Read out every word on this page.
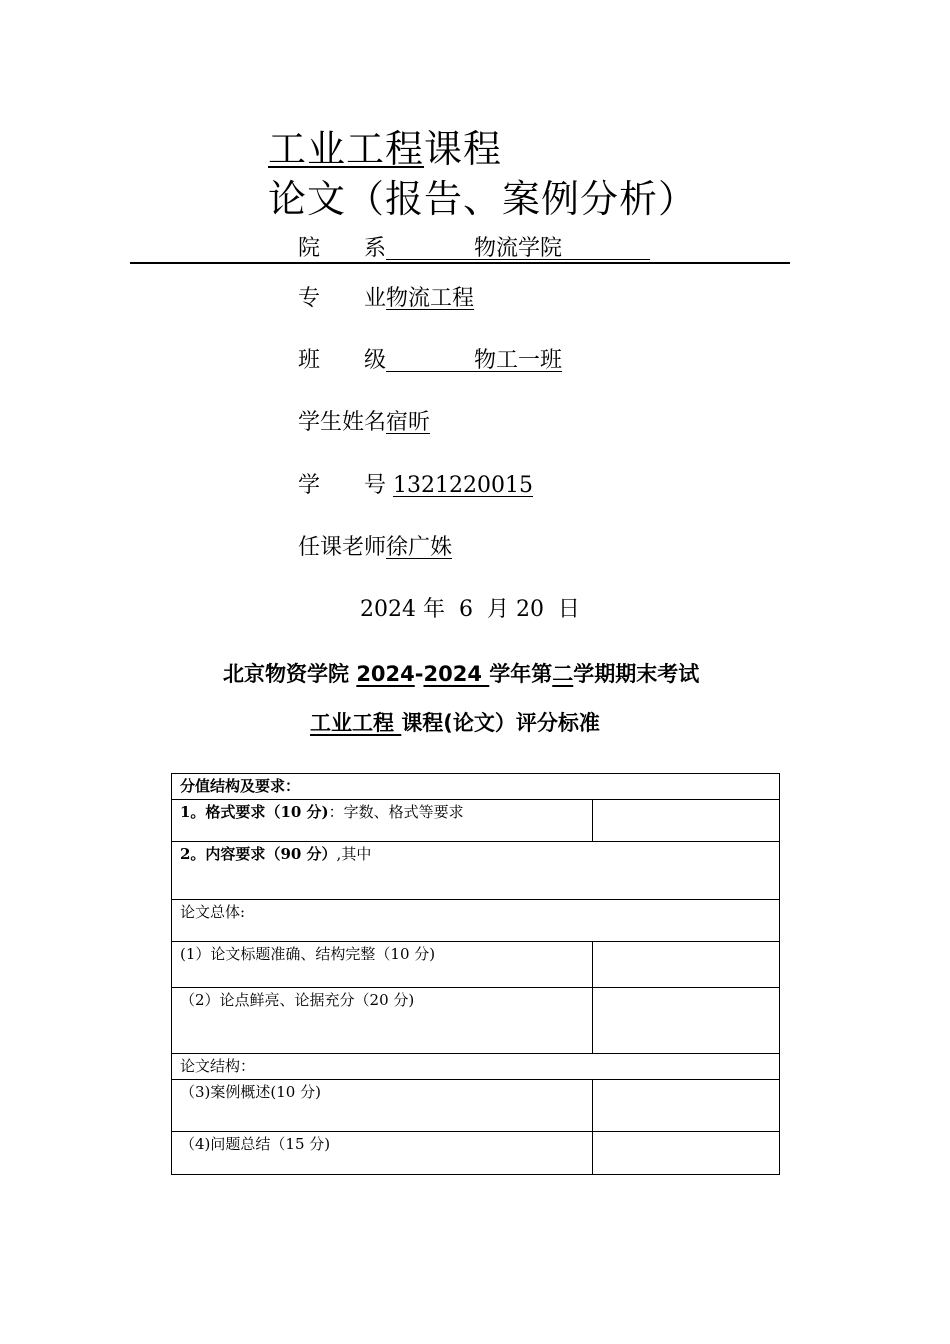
工业工程课程
论文（报告、案例分析）
院　　系　　　　物流学院　　　　
专　　业物流工程
班　　级　　　　物工一班
学生姓名宿昕
学　　号 1321220015
任课老师徐广姝
2024 年  6  月 20  日
北京物资学院 2024-2024 学年第二学期期末考试
工业工程 课程(论文）评分标准
分值结构及要求：	
1。格式要求（10 分)：字数、格式等要求	
2。内容要求（90 分）,其中	
论文总体:	
(1）论文标题准确、结构完整（10 分)	
（2）论点鲜亮、论据充分（20 分)	
论文结构：	
（3)案例概述(10 分)	
（4)问题总结（15 分)	
